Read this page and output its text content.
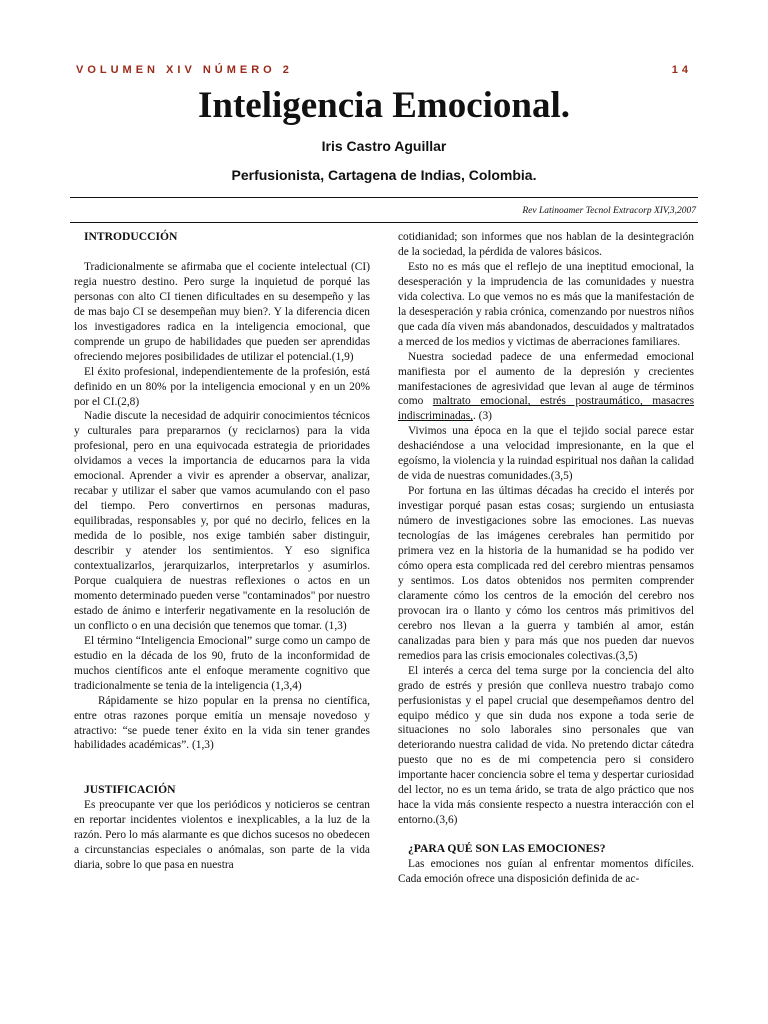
VOLUMEN XIV NÚMERO 2	14
Inteligencia Emocional.
Iris Castro Aguillar
Perfusionista, Cartagena de Indias, Colombia.
Rev Latinoamer Tecnol Extracorp XIV,3,2007
INTRODUCCIÓN

Tradicionalmente se afirmaba que el cociente intelectual (CI) regia nuestro destino. Pero surge la inquietud de porqué las personas con alto CI tienen dificultades en su desempeño y las de mas bajo CI se desempeñan muy bien?. Y la diferencia dicen los investigadores radica en la inteligencia emocional, que comprende un grupo de habilidades que pueden ser aprendidas ofreciendo mejores posibilidades de utilizar el potencial.(1,9)

El éxito profesional, independientemente de la profesión, está definido en un 80% por la inteligencia emocional y en un 20% por el CI.(2,8)

Nadie discute la necesidad de adquirir conocimientos técnicos y culturales para prepararnos (y reciclarnos) para la vida profesional, pero en una equivocada estrategia de prioridades olvidamos a veces la importancia de educarnos para la vida emocional. Aprender a vivir es aprender a observar, analizar, recabar y utilizar el saber que vamos acumulando con el paso del tiempo. Pero convertirnos en personas maduras, equilibradas, responsables y, por qué no decirlo, felices en la medida de lo posible, nos exige también saber distinguir, describir y atender los sentimientos. Y eso significa contextualizarlos, jerarquizarlos, interpretarlos y asumirlos. Porque cualquiera de nuestras reflexiones o actos en un momento determinado pueden verse "contaminados" por nuestro estado de ánimo e interferir negativamente en la resolución de un conflicto o en una decisión que tenemos que tomar. (1,3)

El término “Inteligencia Emocional” surge como un campo de estudio en la década de los 90, fruto de la inconformidad de muchos científicos ante el enfoque meramente cognitivo que tradicionalmente se tenia de la inteligencia (1,3,4)

Rápidamente se hizo popular en la prensa no científica, entre otras razones porque emitía un mensaje novedoso y atractivo: “se puede tener éxito en la vida sin tener grandes habilidades académicas”. (1,3)

JUSTIFICACIÓN

Es preocupante ver que los periódicos y noticieros se centran en reportar incidentes violentos e inexplicables, a la luz de la razón. Pero lo más alarmante es que dichos sucesos no obedecen a circunstancias especiales o anómalas, son parte de la vida diaria, sobre lo que pasa en nuestra

cotidianidad; son informes que nos hablan de la desintegración de la sociedad, la pérdida de valores básicos.

Esto no es más que el reflejo de una ineptitud emocional, la desesperación y la imprudencia de las comunidades y nuestra vida colectiva. Lo que vemos no es más que la manifestación de la desesperación y rabia crónica, comenzando por nuestros niños que cada día viven más abandonados, descuidados y maltratados a merced de los medios y victimas de aberraciones familiares.

Nuestra sociedad padece de una enfermedad emocional manifiesta por el aumento de la depresión y crecientes manifestaciones de agresividad que levan al auge de términos como maltrato emocional, estrés postraumático, masacres indiscriminadas,. (3)

Vivimos una época en la que el tejido social parece estar deshaciéndose a una velocidad impresionante, en la que el egoísmo, la violencia y la ruindad espiritual nos dañan la calidad de vida de nuestras comunidades.(3,5)

Por fortuna en las últimas décadas ha crecido el interés por investigar porqué pasan estas cosas; surgiendo un entusiasta número de investigaciones sobre las emociones. Las nuevas tecnologías de las imágenes cerebrales han permitido por primera vez en la historia de la humanidad se ha podido ver cómo opera esta complicada red del cerebro mientras pensamos y sentimos. Los datos obtenidos nos permiten comprender claramente cómo los centros de la emoción del cerebro nos provocan ira o llanto y cómo los centros más primitivos del cerebro nos llevan a la guerra y también al amor, están canalizadas para bien y para más que nos pueden dar nuevos remedios para las crisis emocionales colectivas.(3,5)

El interés a cerca del tema surge por la conciencia del alto grado de estrés y presión que conlleva nuestro trabajo como perfusionistas y el papel crucial que desempeñamos dentro del equipo médico y que sin duda nos expone a toda serie de situaciones no solo laborales sino personales que van deteriorando nuestra calidad de vida. No pretendo dictar cátedra puesto que no es de mi competencia pero si considero importante hacer conciencia sobre el tema y despertar curiosidad del lector, no es un tema árido, se trata de algo práctico que nos hace la vida más consiente respecto a nuestra interacción con el entorno.(3,6)

¿PARA QUÉ SON LAS EMOCIONES?

Las emociones nos guían al enfrentar momentos difíciles. Cada emoción ofrece una disposición definida de ac-
